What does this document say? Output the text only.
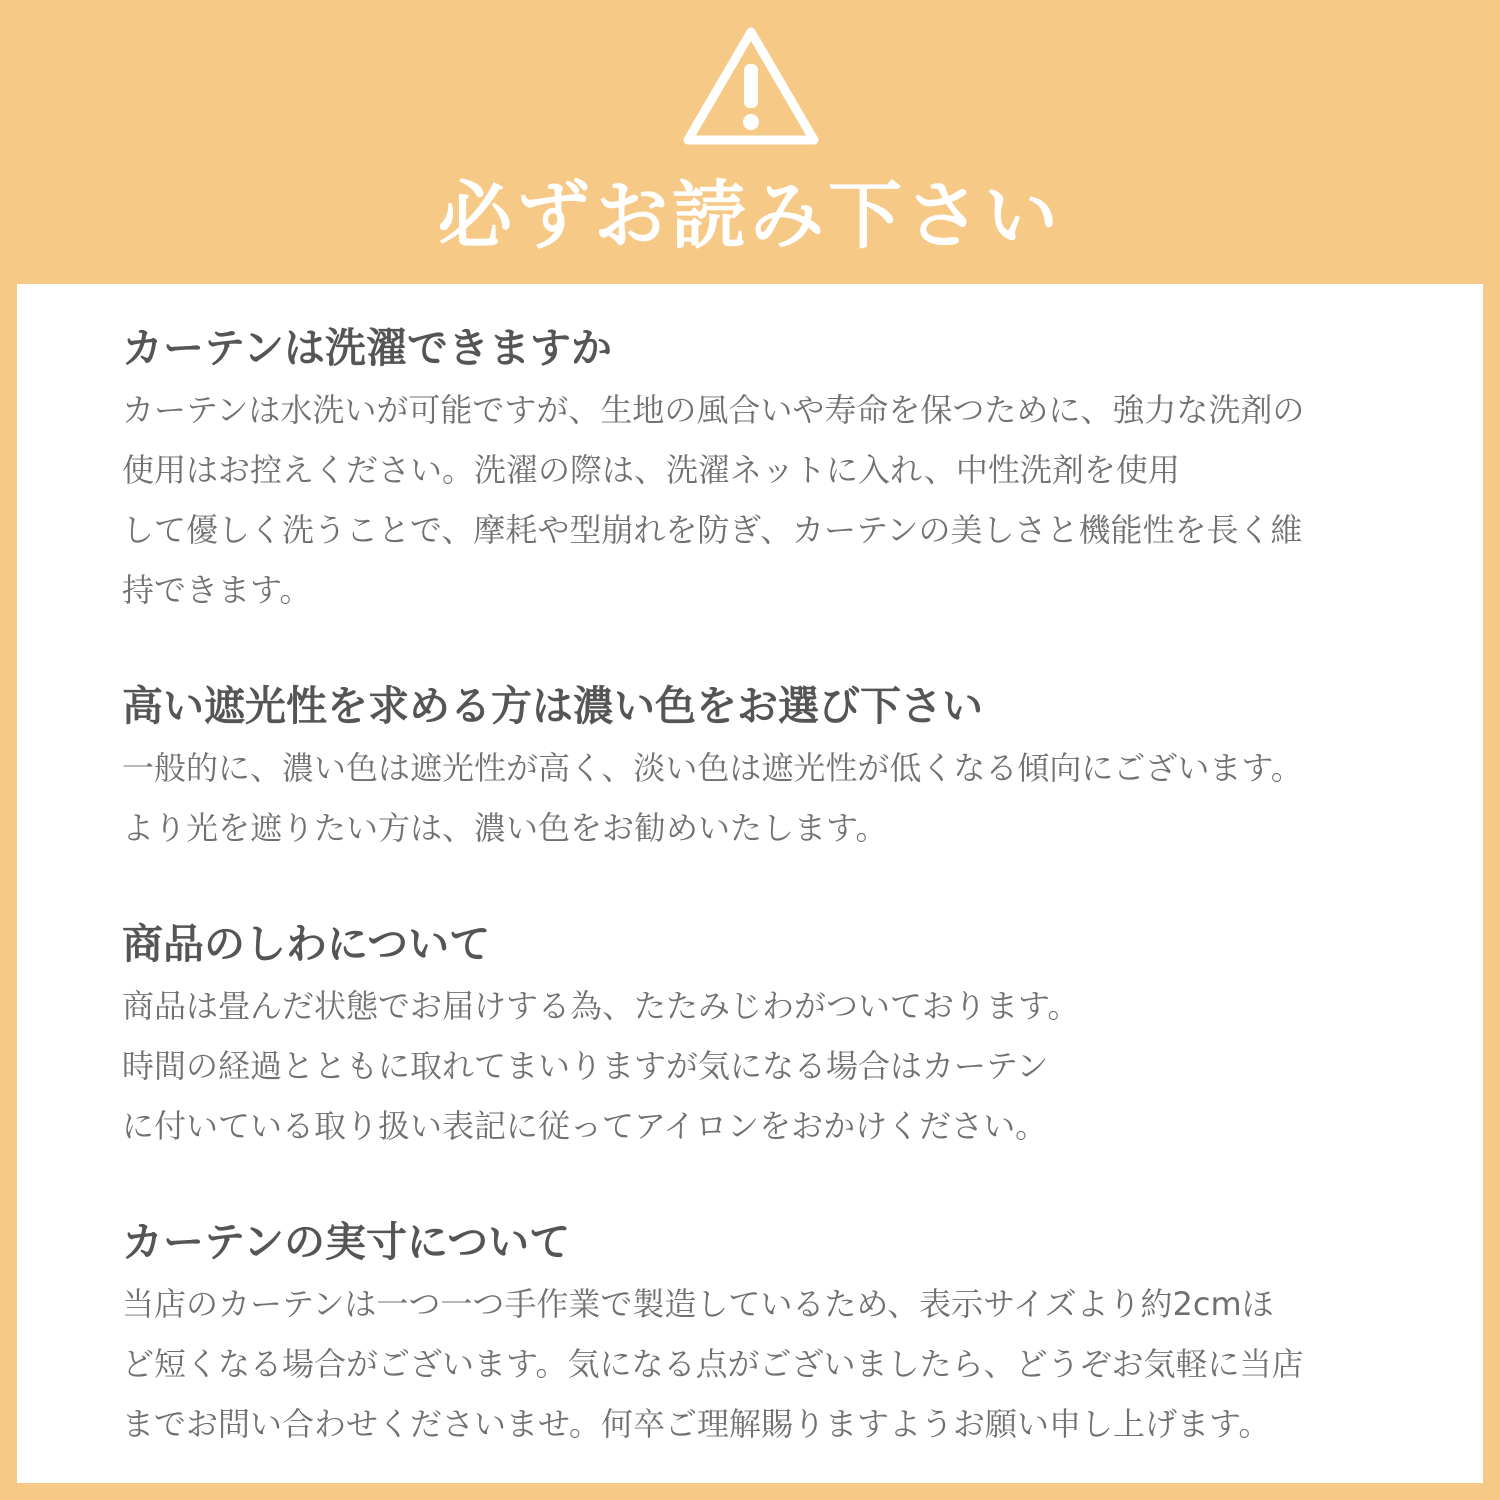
必ずお読み下さい
カーテンは洗濯できますか

カーテンは水洗いが可能ですが、生地の風合いや寿命を保つために、強力な洗剤の
使用はお控えください。洗濯の際は、洗濯ネットに入れ、中性洗剤を使用
して優しく洗うことで、摩耗や型崩れを防ぎ、カーテンの美しさと機能性を長く維
持できます。

高い遮光性を求める方は濃い色をお選び下さい

一般的に、濃い色は遮光性が高く、淡い色は遮光性が低くなる傾向にございます。
より光を遮りたい方は、濃い色をお勧めいたします。

商品のしわについて

商品は畳んだ状態でお届けする為、たたみじわがついております。
時間の経過とともに取れてまいりますが気になる場合はカーテン
に付いている取り扱い表記に従ってアイロンをおかけください。

カーテンの実寸について

当店のカーテンは一つ一つ手作業で製造しているため、表示サイズより約2cmほ
ど短くなる場合がございます。気になる点がございましたら、どうぞお気軽に当店
までお問い合わせくださいませ。何卒ご理解賜りますようお願い申し上げます。
